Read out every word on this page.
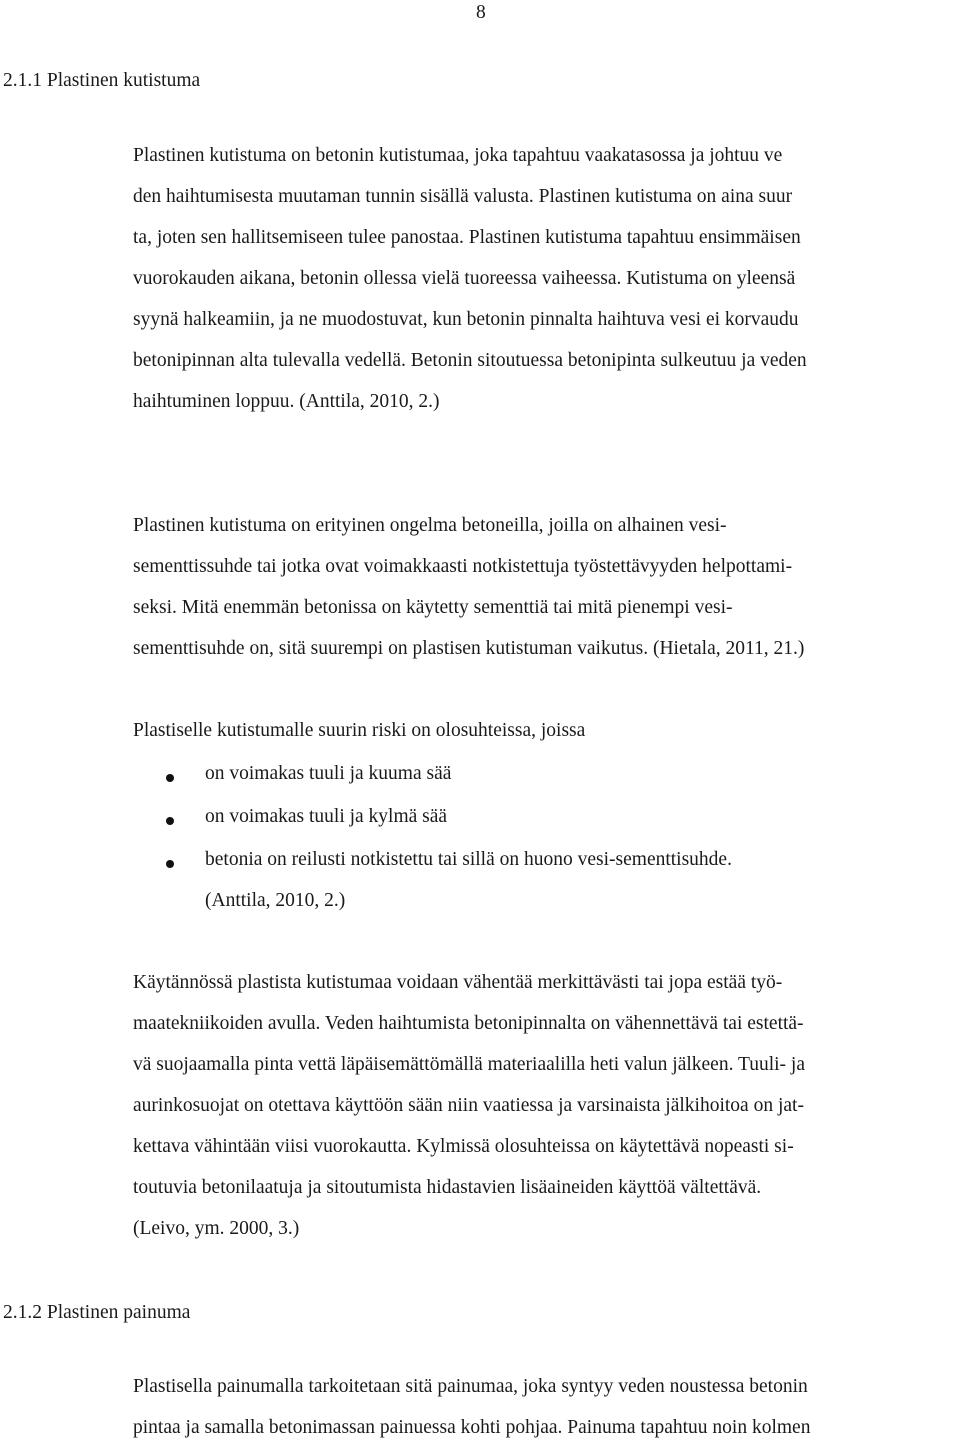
8
2.1.1 Plastinen kutistuma
Plastinen kutistuma on betonin kutistumaa, joka tapahtuu vaakatasossa ja johtuu ve
den haihtumisesta muutaman tunnin sisällä valusta. Plastinen kutistuma on aina suur
ta, joten sen hallitsemiseen tulee panostaa. Plastinen kutistuma tapahtuu ensimmäisen
vuorokauden aikana, betonin ollessa vielä tuoreessa vaiheessa. Kutistuma on yleensä
syynä halkeamiin, ja ne muodostuvat, kun betonin pinnalta haihtuva vesi ei korvaudu
betonipinnan alta tulevalla vedellä. Betonin sitoutuessa betonipinta sulkeutuu ja veden
haihtuminen loppuu. (Anttila, 2010, 2.)
Plastinen kutistuma on erityinen ongelma betoneilla, joilla on alhainen vesi-
sementtissuhde tai jotka ovat voimakkaasti notkistettuja työstettävyyden helpottami-
seksi. Mitä enemmän betonissa on käytetty sementtiä tai mitä pienempi vesi-
sementtisuhde on, sitä suurempi on plastisen kutistuman vaikutus. (Hietala, 2011, 21.)
Plastiselle kutistumalle suurin riski on olosuhteissa, joissa
on voimakas tuuli ja kuuma sää
on voimakas tuuli ja kylmä sää
betonia on reilusti notkistettu tai sillä on huono vesi-sementtisuhde.
(Anttila, 2010, 2.)
Käytännössä plastista kutistumaa voidaan vähentää merkittävästi tai jopa estää työ-
maatekniikoiden avulla. Veden haihtumista betonipinnalta on vähennettävä tai estettä-
vä suojaamalla pinta vettä läpäisemättömällä materiaalilla heti valun jälkeen. Tuuli- ja
aurinkosuojat on otettava käyttöön sään niin vaatiessa ja varsinaista jälkihoitoa on jat-
kettava vähintään viisi vuorokautta. Kylmissä olosuhteissa on käytettävä nopeasti si-
toutuvia betonilaatuja ja sitoutumista hidastavien lisäaineiden käyttöä vältettävä.
(Leivo, ym. 2000, 3.)
2.1.2 Plastinen painuma
Plastisella painumalla tarkoitetaan sitä painumaa, joka syntyy veden noustessa betonin
pintaa ja samalla betonimassan painuessa kohti pohjaa. Painuma tapahtuu noin kolmen
